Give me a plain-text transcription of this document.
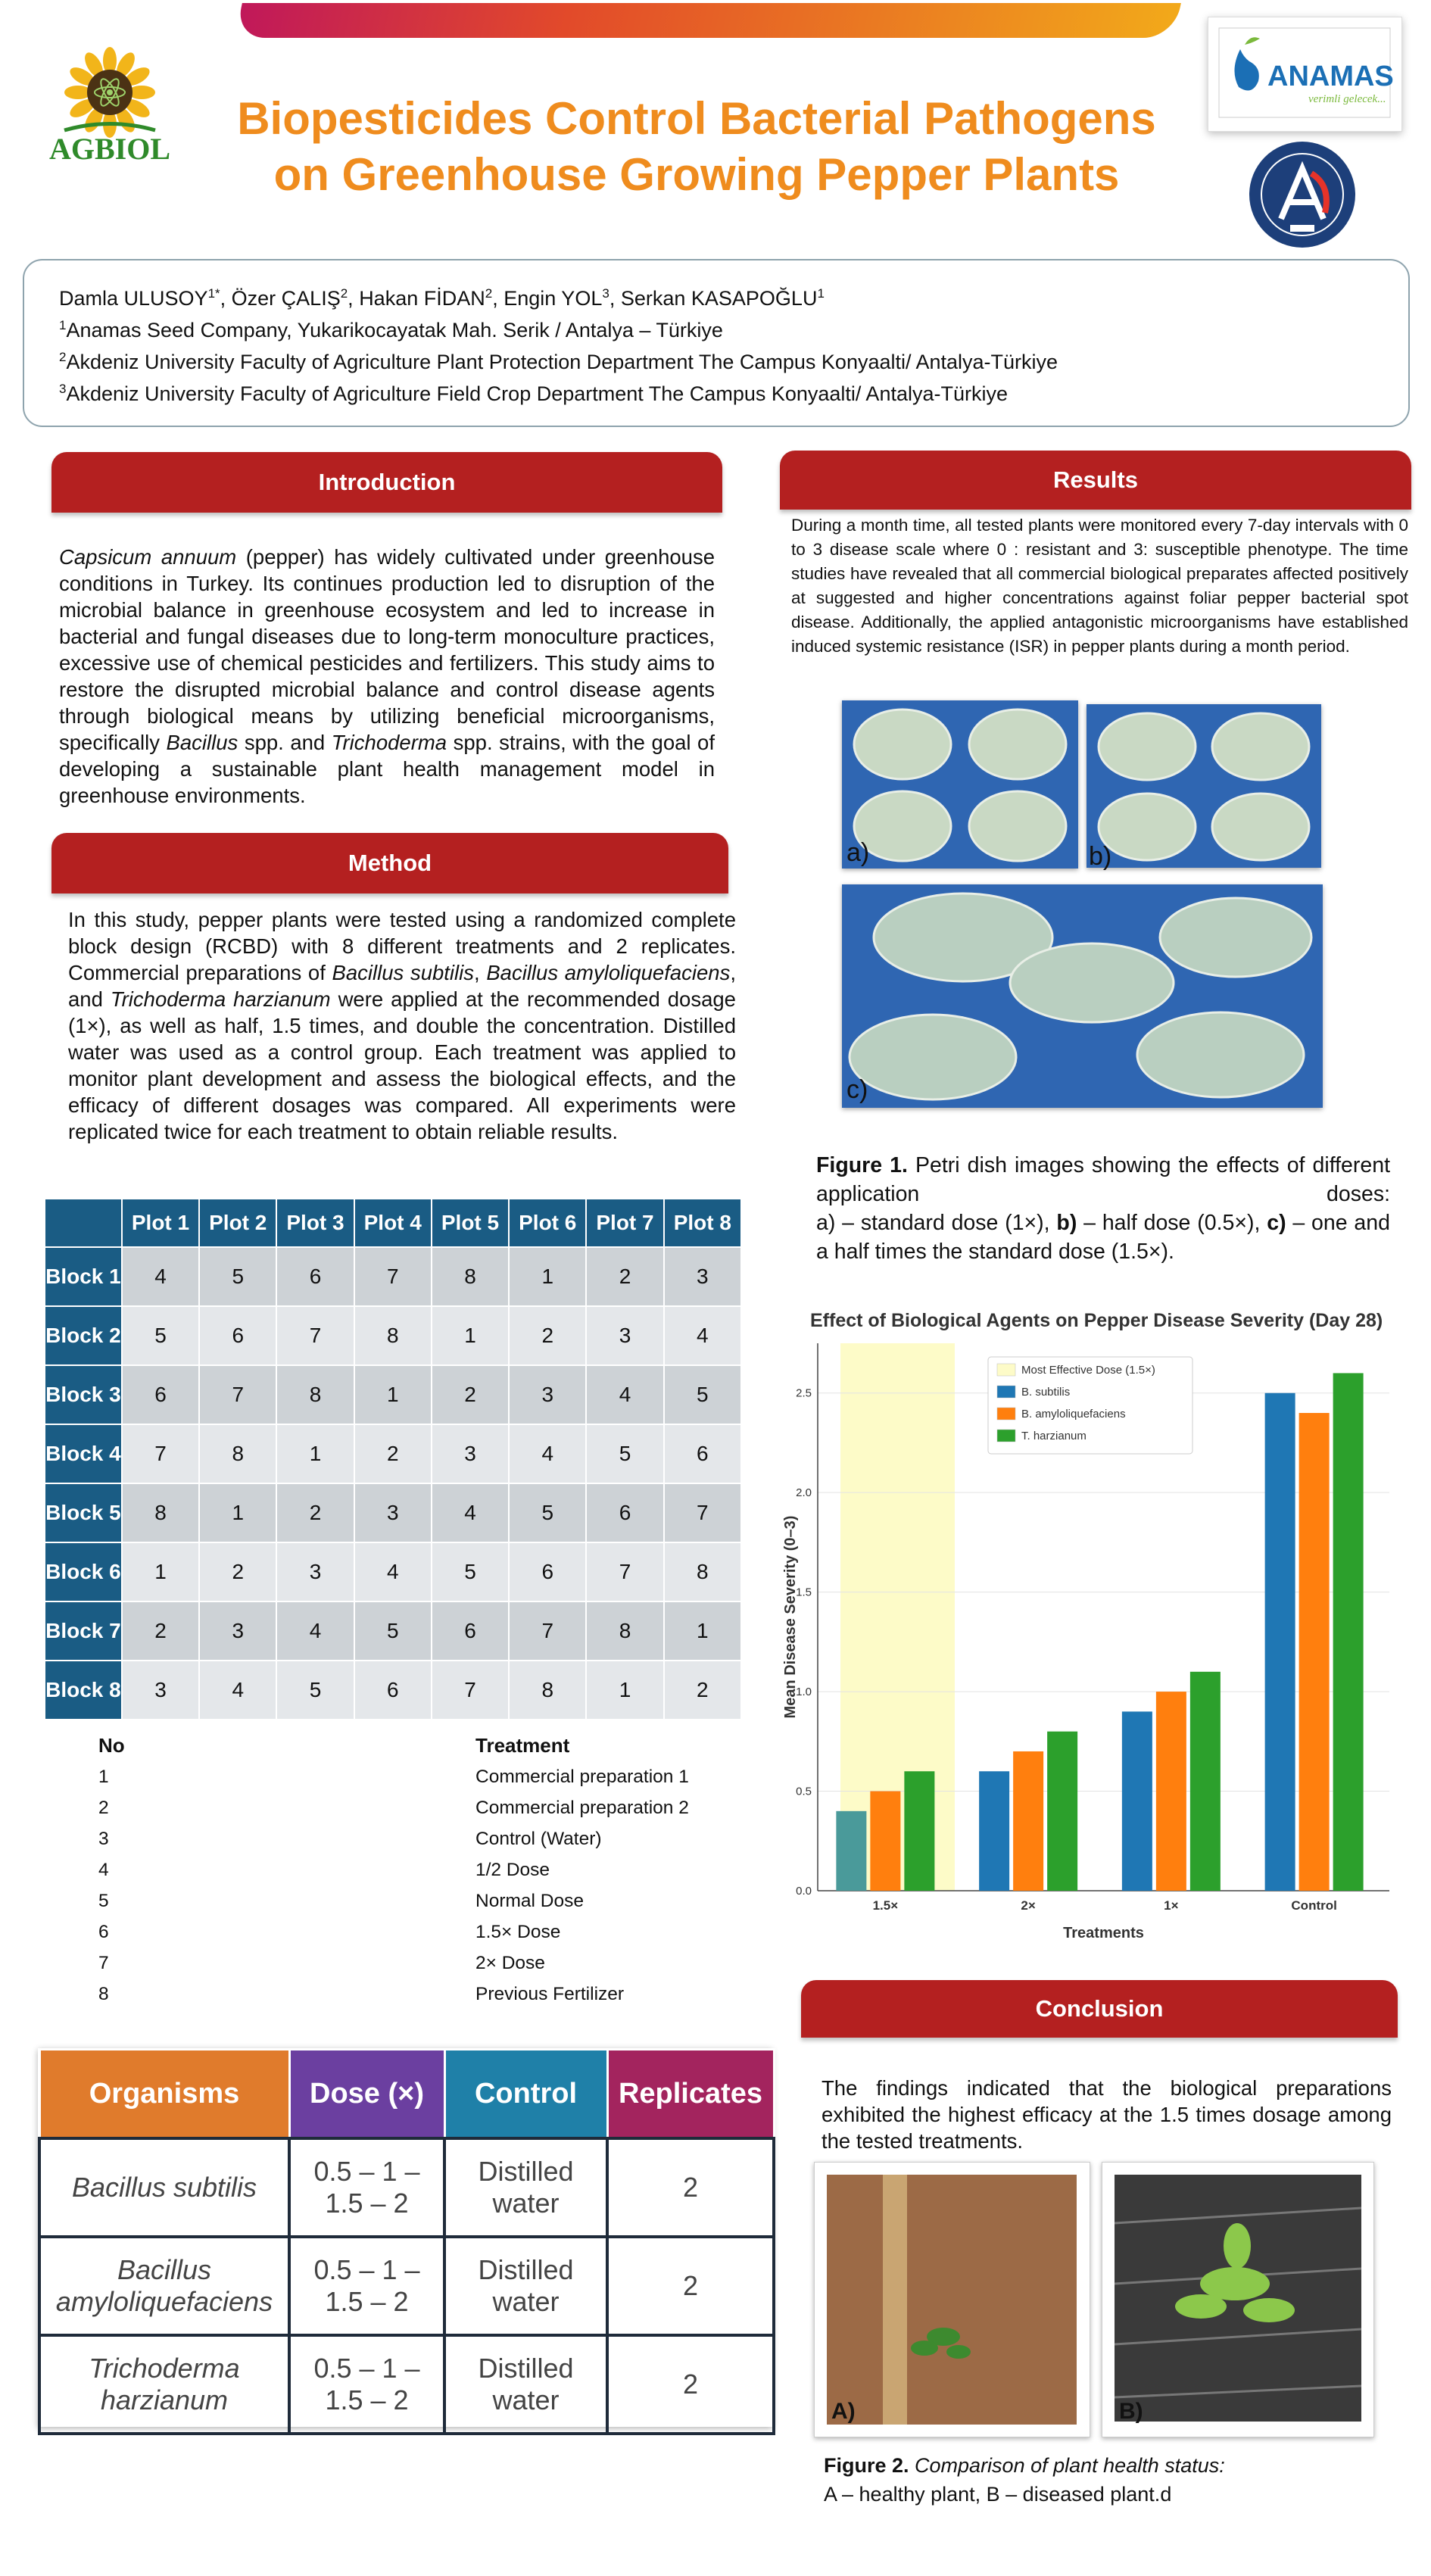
AGBIOL
Biopesticides Control Bacterial Pathogens
on Greenhouse Growing Pepper Plants
ANAMAS
verimli gelecek...
Damla $ULUSOY^{1*}$, Özer ÇALIŞ$^2$, Hakan FİDAN$^2$, Engin YOL$^3$, Serkan KASAPOĞLU$^1$
$^1$Anamas Seed Company, Yukarikocayatak Mah. Serik / Antalya – Türkiye
$^2$Akdeniz University Faculty of Agriculture Plant Protection Department The Campus Konyaalti/ Antalya-Türkiye
$^3$Akdeniz University Faculty of Agriculture Field Crop Department The Campus Konyaalti/ Antalya-Türkiye
Introduction
Capsicum annuum (pepper) has widely cultivated under greenhouse conditions in Turkey. Its continues production led to disruption of the microbial balance in greenhouse ecosystem and led to increase in bacterial and fungal diseases due to long-term monoculture practices, excessive use of chemical pesticides and fertilizers. This study aims to restore the disrupted microbial balance and control disease agents through biological means by utilizing beneficial microorganisms, specifically Bacillus spp. and Trichoderma spp. strains, with the goal of developing a sustainable plant health management model in greenhouse environments.
Method
In this study, pepper plants were tested using a randomized complete block design (RCBD) with 8 different treatments and 2 replicates. Commercial preparations of Bacillus subtilis, Bacillus amyloliquefaciens, and Trichoderma harzianum were applied at the recommended dosage (1×), as well as half, 1.5 times, and double the concentration. Distilled water was used as a control group. Each treatment was applied to monitor plant development and assess the biological effects, and the efficacy of different dosages was compared. All experiments were replicated twice for each treatment to obtain reliable results.
	Plot 1	Plot 2	Plot 3	Plot 4	Plot 5	Plot 6	Plot 7	Plot 8
Block 1	4	5	6	7	8	1	2	3
Block 2	5	6	7	8	1	2	3	4
Block 3	6	7	8	1	2	3	4	5
Block 4	7	8	1	2	3	4	5	6
Block 5	8	1	2	3	4	5	6	7
Block 6	1	2	3	4	5	6	7	8
Block 7	2	3	4	5	6	7	8	1
Block 8	3	4	5	6	7	8	1	2
No	Treatment
1	Commercial preparation 1
2	Commercial preparation 2
3	Control (Water)
4	1/2 Dose
5	Normal Dose
6	1.5× Dose
7	2× Dose
8	Previous Fertilizer
Organisms	Dose (×)	Control	Replicates
Bacillus subtilis	0.5 – 1 – 1.5 – 2	Distilled water	2
Bacillus amyloliquefaciens	0.5 – 1 – 1.5 – 2	Distilled water	2
Trichoderma harzianum	0.5 – 1 – 1.5 – 2	Distilled water	2
Results
During a month time, all tested plants were monitored every 7-day intervals with 0 to 3 disease scale where 0 : resistant and 3: susceptible phenotype. The time studies have revealed that all commercial biological preparates affected positively at suggested and higher concentrations against foliar pepper bacterial spot disease. Additionally, the applied antagonistic microorganisms have established induced systemic resistance (ISR) in pepper plants during a month period.
a)	b)
c)
Figure 1. Petri dish images showing the effects of different application doses:
a) – standard dose (1×), b) – half dose (0.5×), c) – one and a half times the standard dose (1.5×).
0.0
0.5
1.0
1.5
2.0
2.5
1.5×	2×	1×	Control
Effect of Biological Agents on Pepper Disease Severity (Day 28)
Treatments
Mean Disease Severity (0–3)
Most Effective Dose (1.5×)
B. subtilis
B. amyloliquefaciens
T. harzianum
Conclusion
The findings indicated that the biological preparations exhibited the highest efficacy at the 1.5 times dosage among the tested treatments.
A)	B)
Figure 2. Comparison of plant health status:
A – healthy plant, B – diseased plant.d
